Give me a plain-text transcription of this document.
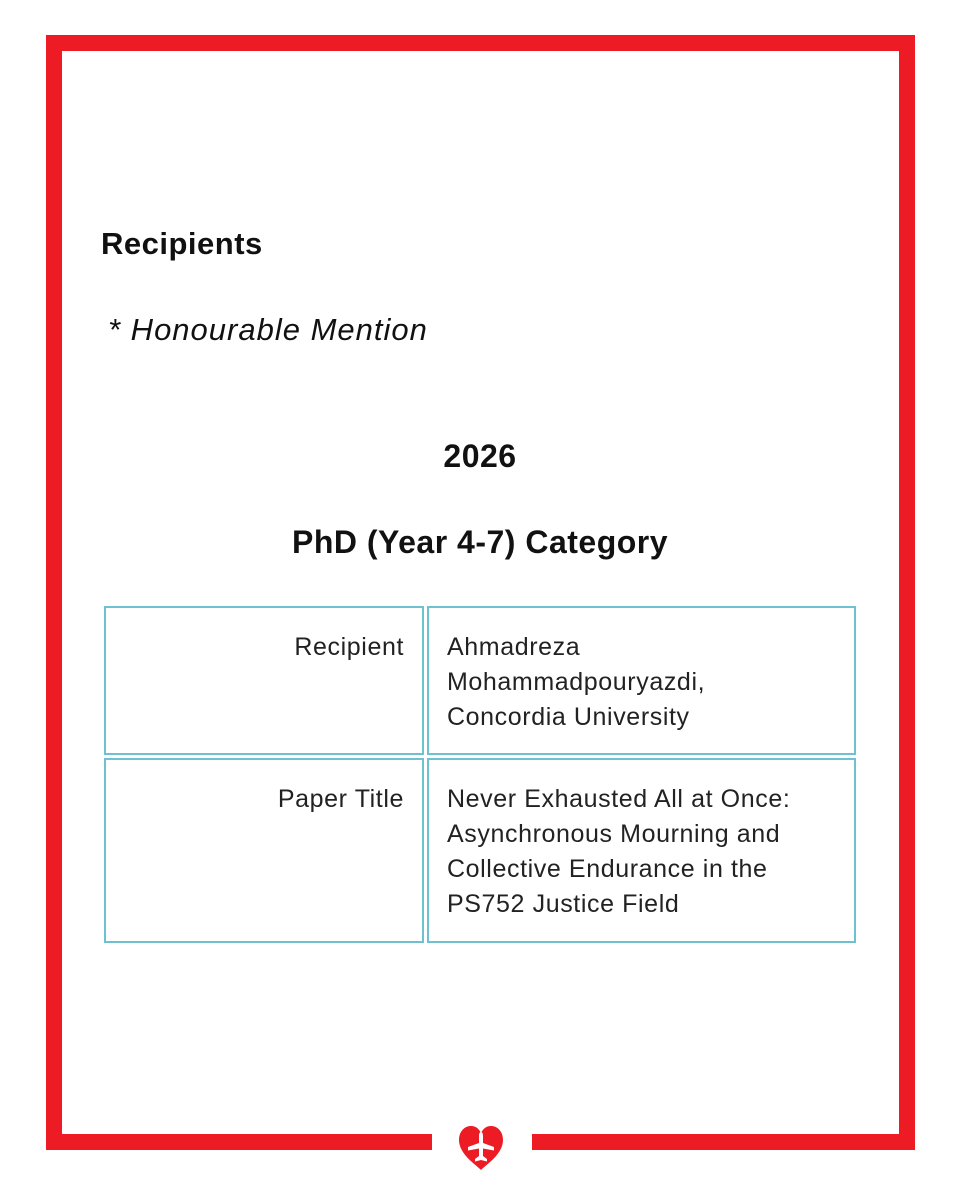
Recipients

* Honourable Mention

2026
PhD (Year 4-7) Category
Recipient	Ahmadreza
Mohammadpouryazdi,
Concordia University

Paper Title	Never Exhausted All at Once:
Asynchronous Mourning and
Collective Endurance in the
PS752 Justice Field
